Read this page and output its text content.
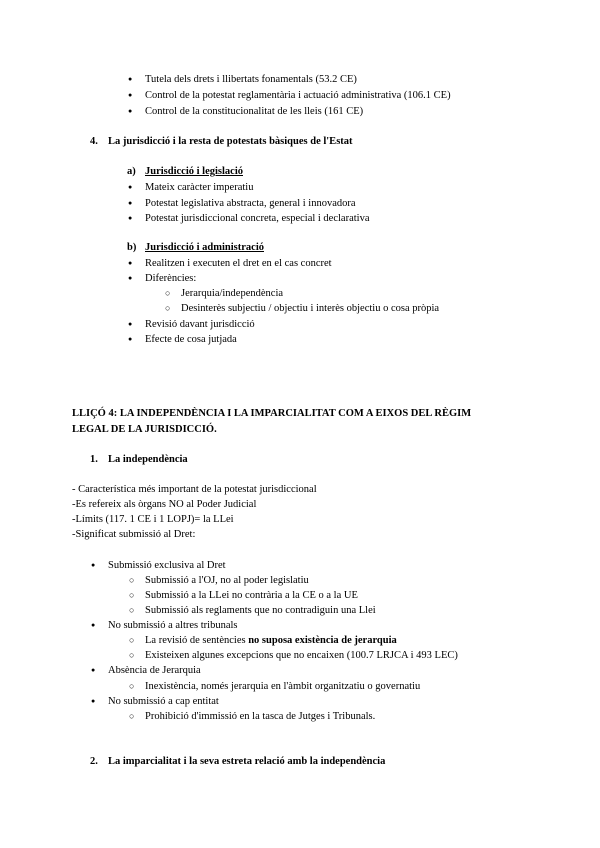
● Tutela dels drets i llibertats fonamentals (53.2 CE)
● Control de la potestat reglamentària i actuació administrativa (106.1 CE)
● Control de la constitucionalitat de les lleis (161 CE)
4. La jurisdicció i la resta de potestats bàsiques de l'Estat
a) Jurisdicció i legislació
● Mateix caràcter imperatiu
● Potestat legislativa abstracta, general i innovadora
● Potestat jurisdiccional concreta, especial i declarativa
b) Jurisdicció i administració
● Realitzen i executen el dret en el cas concret
● Diferències:
○ Jerarquia/independència
○ Desinterès subjectiu / objectiu i interès objectiu o cosa pròpia
● Revisió davant jurisdicció
● Efecte de cosa jutjada
LLIÇÓ 4: LA INDEPENDÈNCIA I LA IMPARCIALITAT COM A EIXOS DEL RÈGIM
LEGAL DE LA JURISDICCIÓ.
1. La independència
- Característica més important de la potestat jurisdiccional
-Es refereix als òrgans NO al Poder Judicial
-Límits (117. 1 CE i 1 LOPJ)= la LLei
-Significat submissió al Dret:
● Submissió exclusiva al Dret
○ Submissió a l'OJ, no al poder legislatiu
○ Submissió a la LLei no contrària a la CE o a la UE
○ Submissió als reglaments que no contradiguin una Llei
● No submissió a altres tribunals
○ La revisió de sentències no suposa existència de jerarquia
○ Existeixen algunes excepcions que no encaixen (100.7 LRJCA i 493 LEC)
● Absència de Jerarquia
○ Inexistència, només jerarquia en l'àmbit organitzatiu o governatiu
● No submissió a cap entitat
○ Prohibició d'immissió en la tasca de Jutges i Tribunals.
2. La imparcialitat i la seva estreta relació amb la independència
